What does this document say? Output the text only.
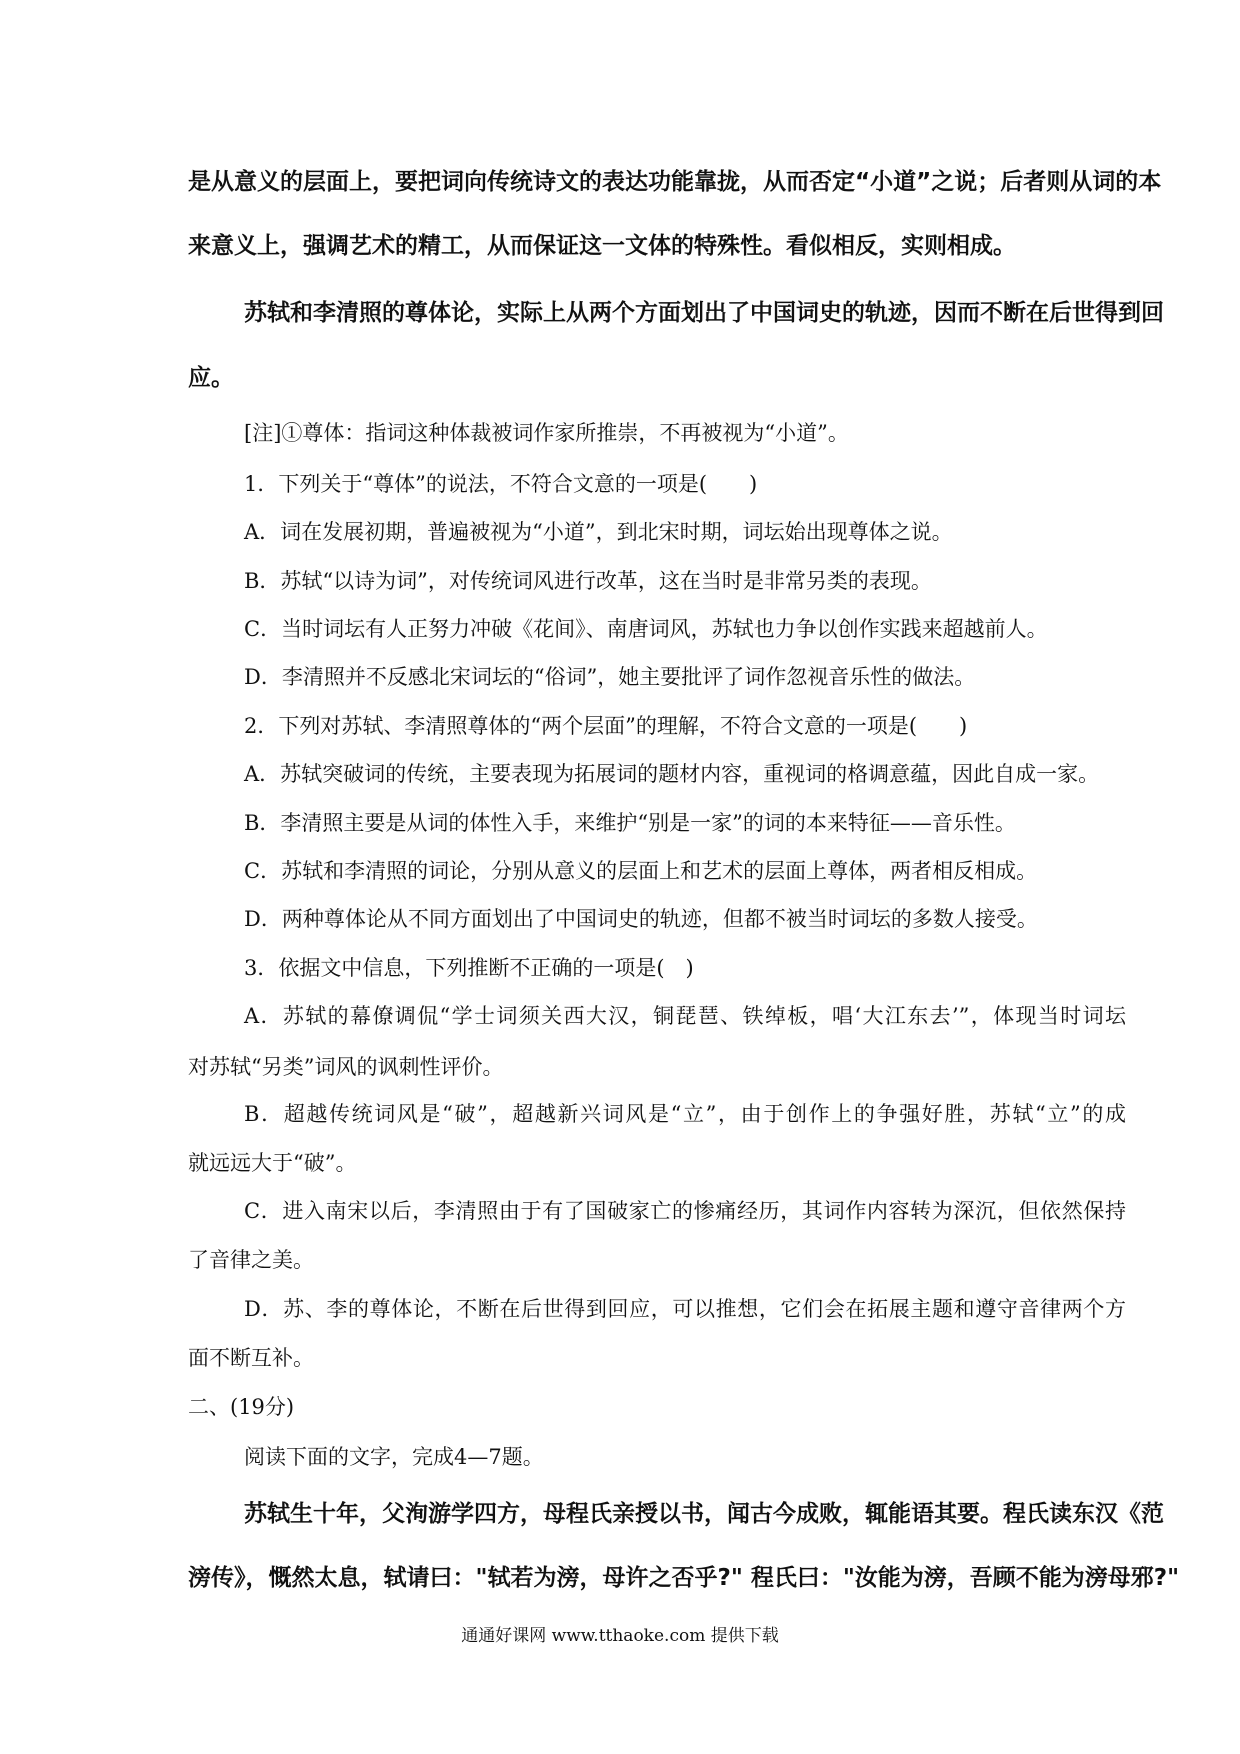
是从意义的层面上，要把词向传统诗文的表达功能靠拢，从而否定“小道”之说；后者则从词的本
来意义上，强调艺术的精工，从而保证这一文体的特殊性。看似相反，实则相成。
苏轼和李清照的尊体论，实际上从两个方面划出了中国词史的轨迹，因而不断在后世得到回
应。
[注]①尊体：指词这种体裁被词作家所推崇，不再被视为“小道”。
1．下列关于“尊体”的说法，不符合文意的一项是(　　)
A．词在发展初期，普遍被视为“小道”，到北宋时期，词坛始出现尊体之说。
B．苏轼“以诗为词”，对传统词风进行改革，这在当时是非常另类的表现。
C．当时词坛有人正努力冲破《花间》、南唐词风，苏轼也力争以创作实践来超越前人。
D．李清照并不反感北宋词坛的“俗词”，她主要批评了词作忽视音乐性的做法。
2．下列对苏轼、李清照尊体的“两个层面”的理解，不符合文意的一项是(　　)
A．苏轼突破词的传统，主要表现为拓展词的题材内容，重视词的格调意蕴，因此自成一家。
B．李清照主要是从词的体性入手，来维护“别是一家”的词的本来特征——音乐性。
C．苏轼和李清照的词论，分别从意义的层面上和艺术的层面上尊体，两者相反相成。
D．两种尊体论从不同方面划出了中国词史的轨迹，但都不被当时词坛的多数人接受。
3．依据文中信息，下列推断不正确的一项是(　)
A．苏轼的幕僚调侃“学士词须关西大汉，铜琵琶、铁绰板，唱‘大江东去’”，体现当时词坛
对苏轼“另类”词风的讽刺性评价。
B．超越传统词风是“破”，超越新兴词风是“立”，由于创作上的争强好胜，苏轼“立”的成
就远远大于“破”。
C．进入南宋以后，李清照由于有了国破家亡的惨痛经历，其词作内容转为深沉，但依然保持
了音律之美。
D．苏、李的尊体论，不断在后世得到回应，可以推想，它们会在拓展主题和遵守音律两个方
面不断互补。
二、(19分)
阅读下面的文字，完成4—7题。
苏轼生十年，父洵游学四方，母程氏亲授以书，闻古今成败，辄能语其要。程氏读东汉《范
滂传》，慨然太息，轼请曰："轼若为滂，母许之否乎?" 程氏曰："汝能为滂，吾顾不能为滂母邪?"
通通好课网 www.tthaoke.com 提供下载
